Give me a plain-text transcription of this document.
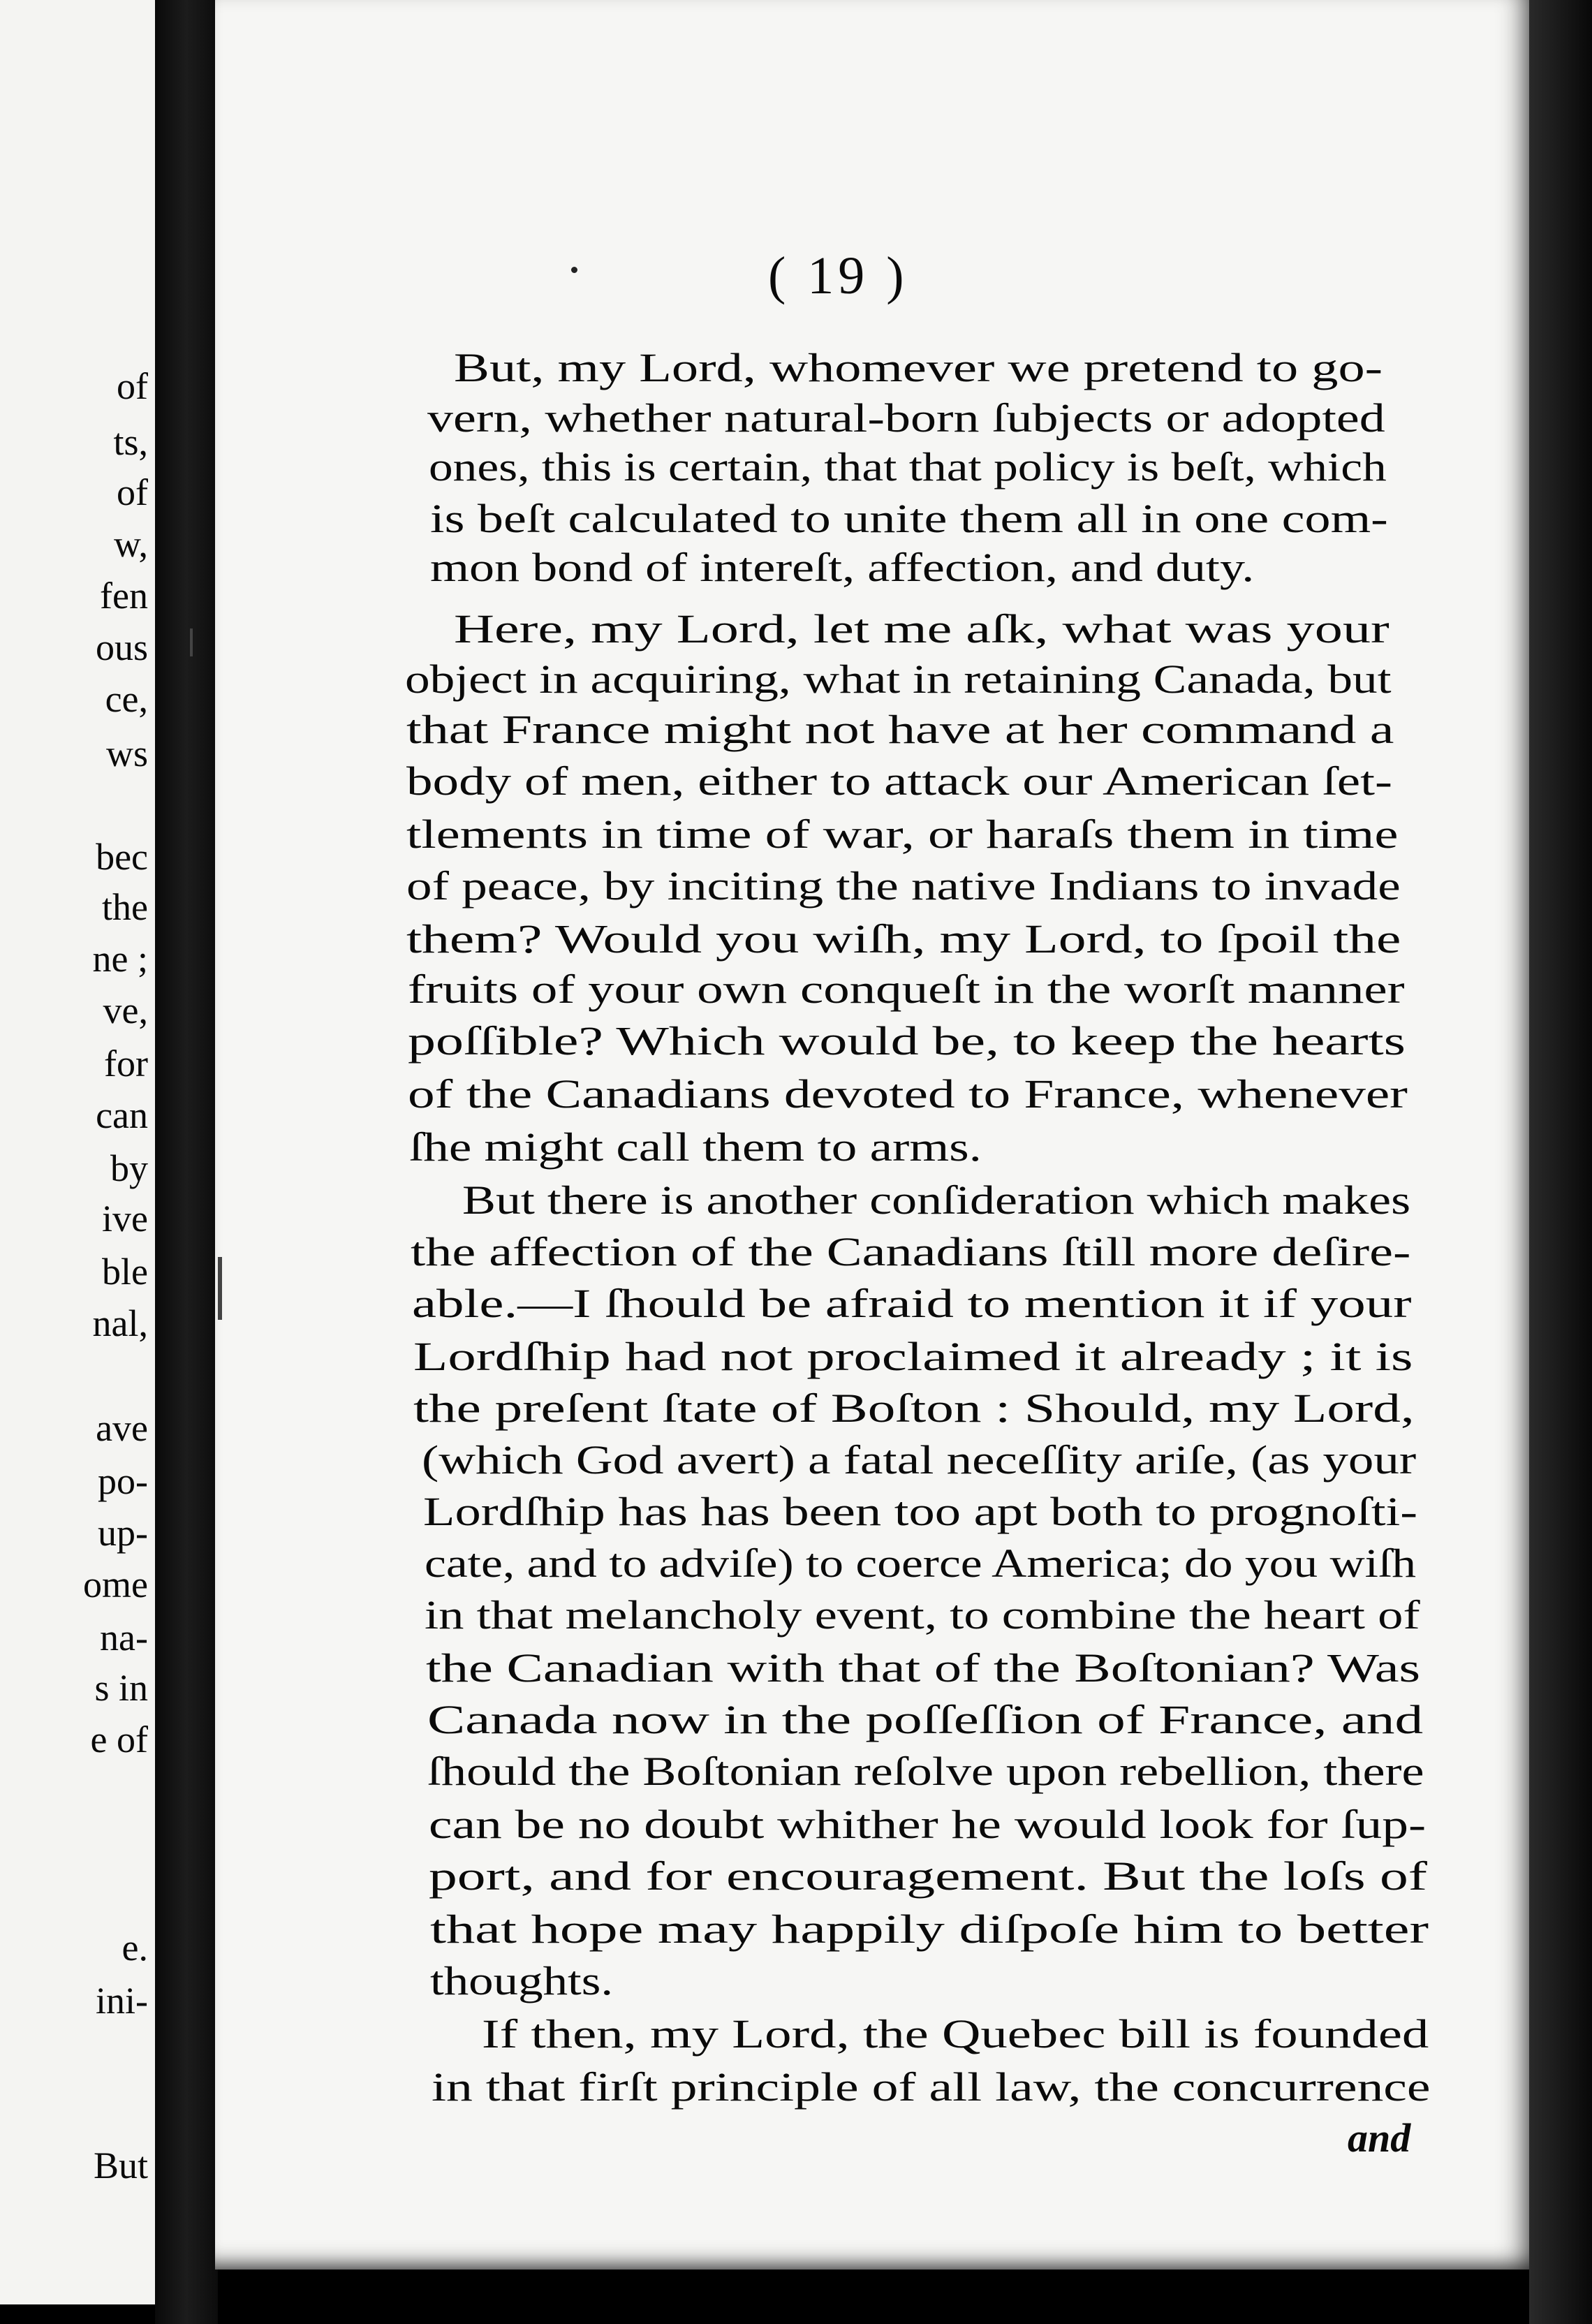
of
ts,
of
w,
fen
ous
ce,
ws
bec
the
ne ;
ve,
for
can
by
ive
ble
nal,
ave
po-
up-
ome
na-
s in
e of
e.
ini-
But
( 19 )
But, my Lord, whomever we pretend to go-
vern, whether natural-born ſubjects or adopted
ones, this is certain, that that policy is beſt, which
is beſt calculated to unite them all in one com-
mon bond of intereſt, affection, and duty.
Here, my Lord, let me aſk, what was your
object in acquiring, what in retaining Canada, but
that France might not have at her command a
body of men, either to attack our American ſet-
tlements in time of war, or haraſs them in time
of peace, by inciting the native Indians to invade
them? Would you wiſh, my Lord, to ſpoil the
fruits of your own conqueſt in the worſt manner
poſſible? Which would be, to keep the hearts
of the Canadians devoted to France, whenever
ſhe might call them to arms.
But there is another conſideration which makes
the affection of the Canadians ſtill more deſire-
able.—I ſhould be afraid to mention it if your
Lordſhip had not proclaimed it already ; it is
the preſent ſtate of Boſton : Should, my Lord,
(which God avert) a fatal neceſſity ariſe, (as your
Lordſhip has has been too apt both to prognoſti-
cate, and to adviſe) to coerce America; do you wiſh
in that melancholy event, to combine the heart of
the Canadian with that of the Boſtonian? Was
Canada now in the poſſeſſion of France, and
ſhould the Boſtonian reſolve upon rebellion, there
can be no doubt whither he would look for ſup-
port, and for encouragement. But the loſs of
that hope may happily diſpoſe him to better
thoughts.
If then, my Lord, the Quebec bill is founded
in that firſt principle of all law, the concurrence
and
